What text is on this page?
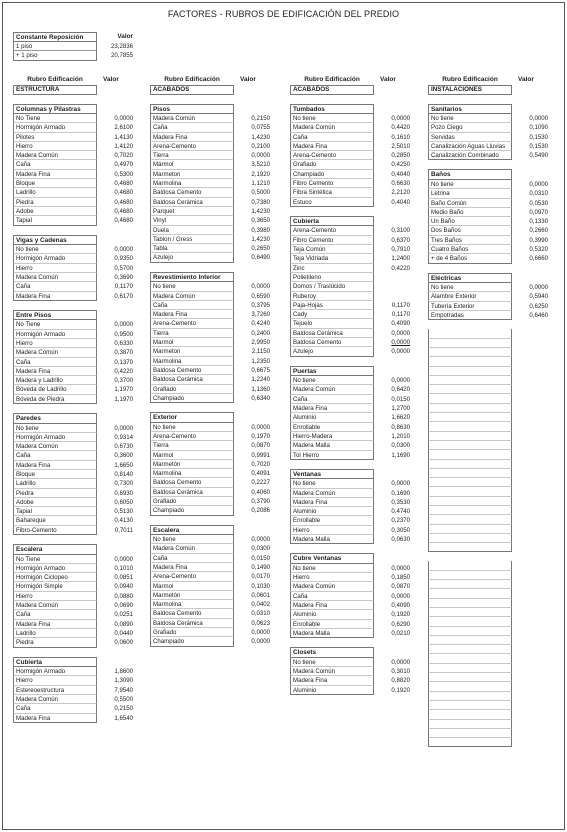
FACTORES - RUBROS DE EDIFICACIÓN DEL PREDIO
Constante Reposición	Valor
1 piso	23,2836
+ 1 piso	20,7855
Rubro Edificación	Valor
ESTRUCTURA
Columnas y Pilastras
No Tiene	0,0000
Hormigón Armado	2,6100
Pilotes	1,4130
Hierro	1,4120
Madera Común	0,7020
Caña	0,4970
Madera Fina	0,5300
Bloque	0,4680
Ladrillo	0,4680
Piedra	0,4680
Adobe	0,4680
Tapial	0,4680
Vigas y Cadenas
No tiene	0,0000
Hormigón Armado	0,9350
Hierro	0,5700
Madera Común	0,3690
Caña	0,1170
Madera Fina	0,6170
Entre Pisos
No Tiene	0,0000
Hormigón Armado	0,9500
Hierro	0,6330
Madera Común	0,3870
Caña	0,1370
Madera Fina	0,4220
Madera y Ladrillo	0,3700
Bóveda de Ladrillo	1,1970
Bóveda de Piedra	1,1970
Paredes
No tiene	0,0000
Hormigón Armado	0,9314
Madera Común	0,6730
Caña	0,3600
Madera Fina	1,6650
Bloque	0,8140
Ladrillo	0,7300
Piedra	0,6930
Adobe	0,6050
Tapial	0,5130
Bahareque	0,4130
Fibro-Cemento	0,7011
Escalera
No Tiene	0,0000
Hormigón Armado	0,1010
Hormigón Ciclopeo	0,0851
Hormigón Simple	0,0940
Hierro	0,0880
Madera Común	0,0690
Caña	0,0251
Madera Fina	0,0890
Ladrillo	0,0440
Piedra	0,0600
Cubierta
Hormigón Armado	1,8600
Hierro	1,3090
Estereoestructura	7,9540
Madera Común	0,5500
Caña	0,2150
Madera Fina	1,6540
Rubro Edificación	Valor
ACABADOS
Pisos
Madera Común	0,2150
Caña	0,0755
Madera Fina	1,4230
Arena-Cemento	0,2100
Tierra	0,0000
Mármol	3,5210
Marmeton	2,1920
Marmolina	1,1210
Baldosa Cemento	0,5000
Baldosa Cerámica	0,7380
Parquet	1,4230
Vinyl	0,3650
Duela	0,3980
Tablon / Gress	1,4230
Tabla	0,2650
Azulejo	0,6490
Revestimiento Interior
No tiene	0,0000
Madera Común	0,6590
Caña	0,3795
Madera Fina	3,7260
Arena-Cemento	0,4240
Tierra	0,2400
Marmol	2,9950
Marmeton	2,1150
Marmolina	1,2350
Baldosa Cemento	0,6675
Baldosa Cerámica	1,2240
Grafiado	1,1360
Champiado	0,6340
Exterior
No tiene	0,0000
Arena-Cemento	0,1970
Tierra	0,0870
Marmol	0,9991
Marmetón	0,7020
Marmolina	0,4091
Baldosa Cemento	0,2227
Baldosa Cerámica	0,4060
Grafiado	0,3790
Champiado	0,2086
Escalera
No tiene	0,0000
Madera Común	0,0300
Caña	0,0150
Madera Fina	0,1490
Arena-Cemento	0,0170
Marmol	0,1030
Marmetón	0,0601
Marmolina	0,0402
Baldosa Cemento	0,0310
Baldosa Cerámica	0,0623
Grafiado	0,0000
Champiado	0,0000
Rubro Edificación	Valor
ACABADOS
Tumbados
No tiene	0,0000
Madera Común	0,4420
Caña	0,1610
Madera Fina	2,5010
Arena-Cemento	0,2850
Grafiado	0,4250
Champiado	0,4040
Fibro Cemento	0,6630
Fibra Sintética	2,2120
Estuco	0,4040
Cubierta
Arena-Cemento	0,3100
Fibro Cemento	0,6370
Teja Común	0,7910
Teja Vidriada	1,2400
Zinc	0,4220
Polietileno
Domos / Traslúcido
Ruberoy
Paja-Hojas	0,1170
Cady	0,1170
Tejuelo	0,4090
Baldosa Cerámica	0,0000
Baldosa Cemento	0,0000
Azulejo	0,0000
Puertas
No tiene	0,0000
Madera Común	0,6420
Caña	0,0150
Madera Fina	1,2700
Aluminio	1,6620
Enrollable	0,8630
Hierro-Madera	1,2010
Madera Malla	0,0300
Tol Hierro	1,1690
Ventanas
No tiene	0,0000
Madera Común	0,1690
Madera Fina	0,3530
Aluminio	0,4740
Enrollable	0,2370
Hierro	0,3050
Madera Malla	0,0630
Cubre Ventanas
No tiene	0,0000
Hierro	0,1850
Madera Común	0,0870
Caña	0,0000
Madera Fina	0,4090
Aluminio	0,1920
Enrollable	0,6290
Madera Malla	0,0210
Closets
No tiene	0,0000
Madera Común	0,3010
Madera Fina	0,8820
Aluminio	0,1920
Rubro Edificación	Valor
INSTALACIONES
Sanitarios
No tiene	0,0000
Pozo Ciego	0,1090
Servidas	0,1530
Canalización Aguas Lluvias	0,1530
Canalización Combinado	0,5490
Baños
No tiene	0,0000
Letrina	0,0310
Baño Común	0,0530
Medio Baño	0,0970
Un Baño	0,1330
Dos Baños	0,2660
Tres Baños	0,3990
Cuatro Baños	0,5320
+ de 4 Baños	0,6660
Eléctricas
No tiene	0,0000
Alambre Exterior	0,5940
Tubería Exterior	0,6250
Empotradas	0,6460
